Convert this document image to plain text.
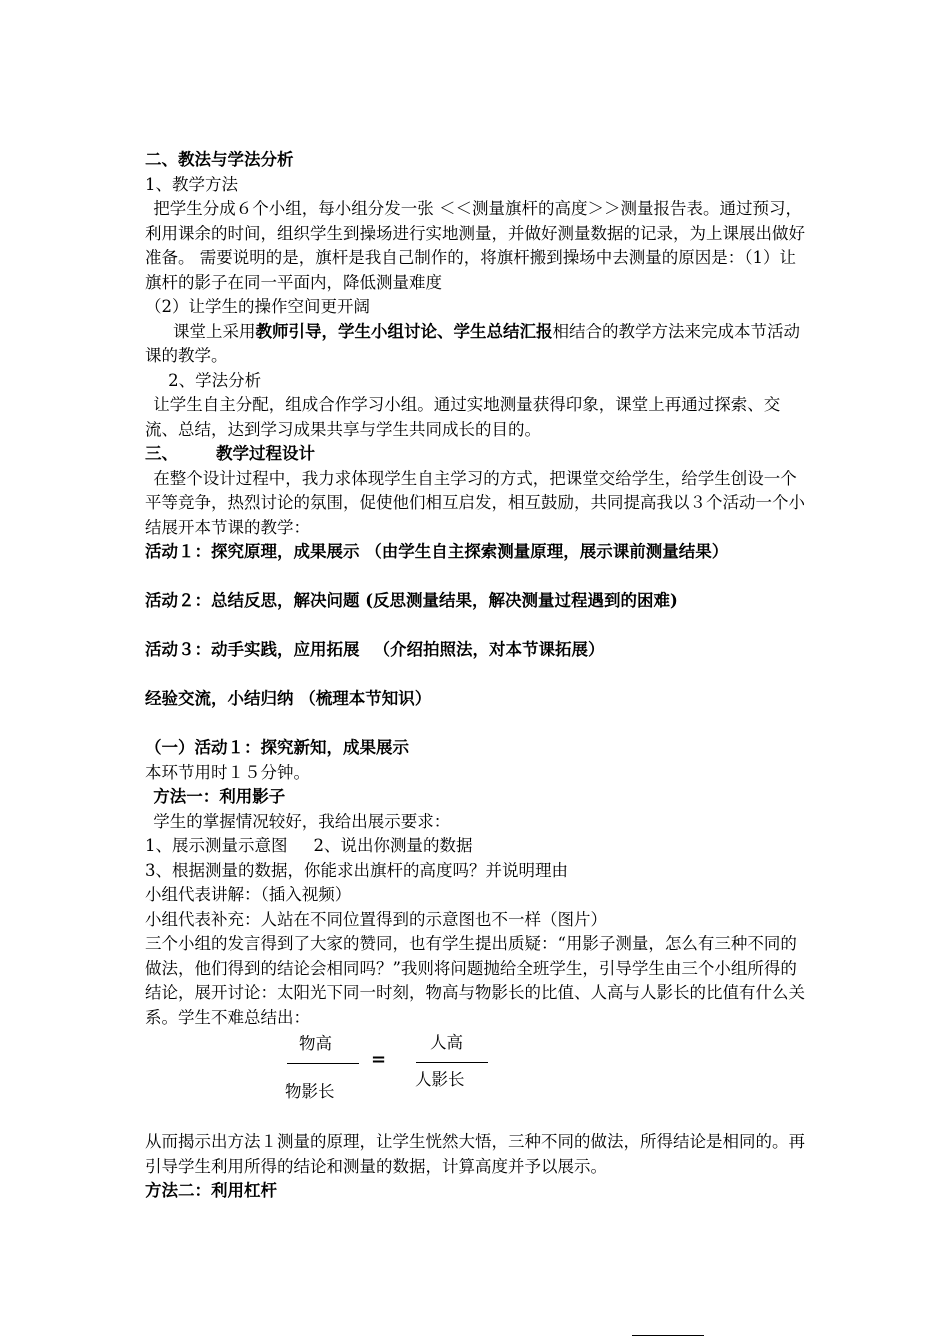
二、教法与学法分析

1、教学方法

把学生分成６个小组，每小组分发一张 ＜＜测量旗杆的高度＞＞测量报告表。通过预习，利用课余的时间，组织学生到操场进行实地测量，并做好测量数据的记录，为上课展出做好准备。 需要说明的是，旗杆是我自己制作的，将旗杆搬到操场中去测量的原因是：（1）让旗杆的影子在同一平面内，降低测量难度

（2）让学生的操作空间更开阔

课堂上采用教师引导，学生小组讨论、学生总结汇报相结合的教学方法来完成本节活动课的教学。

2、学法分析

让学生自主分配，组成合作学习小组。通过实地测量获得印象，课堂上再通过探索、交流、总结，达到学习成果共享与学生共同成长的目的。

三、 教学过程设计

在整个设计过程中，我力求体现学生自主学习的方式，把课堂交给学生，给学生创设一个平等竞争，热烈讨论的氛围，促使他们相互启发，相互鼓励，共同提高我以３个活动一个小结展开本节课的教学：

活动１：探究原理，成果展示 （由学生自主探索测量原理，展示课前测量结果）

活动２：总结反思，解决问题 (反思测量结果，解决测量过程遇到的困难)

活动３：动手实践，应用拓展 　（介绍拍照法，对本节课拓展）

经验交流，小结归纳 （梳理本节知识）

（一）活动１：探究新知，成果展示

本环节用时１５分钟。

方法一：利用影子

学生的掌握情况较好，我给出展示要求：

1、展示测量示意图 2、说出你测量的数据

3、根据测量的数据，你能求出旗杆的高度吗？并说明理由

小组代表讲解：（插入视频）

小组代表补充：人站在不同位置得到的示意图也不一样（图片）

三个小组的发言得到了大家的赞同，也有学生提出质疑：“用影子测量，怎么有三种不同的做法，他们得到的结论会相同吗？”我则将问题抛给全班学生，引导学生由三个小组所得的结论，展开讨论：太阳光下同一时刻，物高与物影长的比值、人高与人影长的比值有什么关系。学生不难总结出：

物高
物影长
=
人高
人影长

从而揭示出方法１测量的原理，让学生恍然大悟，三种不同的做法，所得结论是相同的。再引导学生利用所得的结论和测量的数据，计算高度并予以展示。

方法二：利用杠杆
